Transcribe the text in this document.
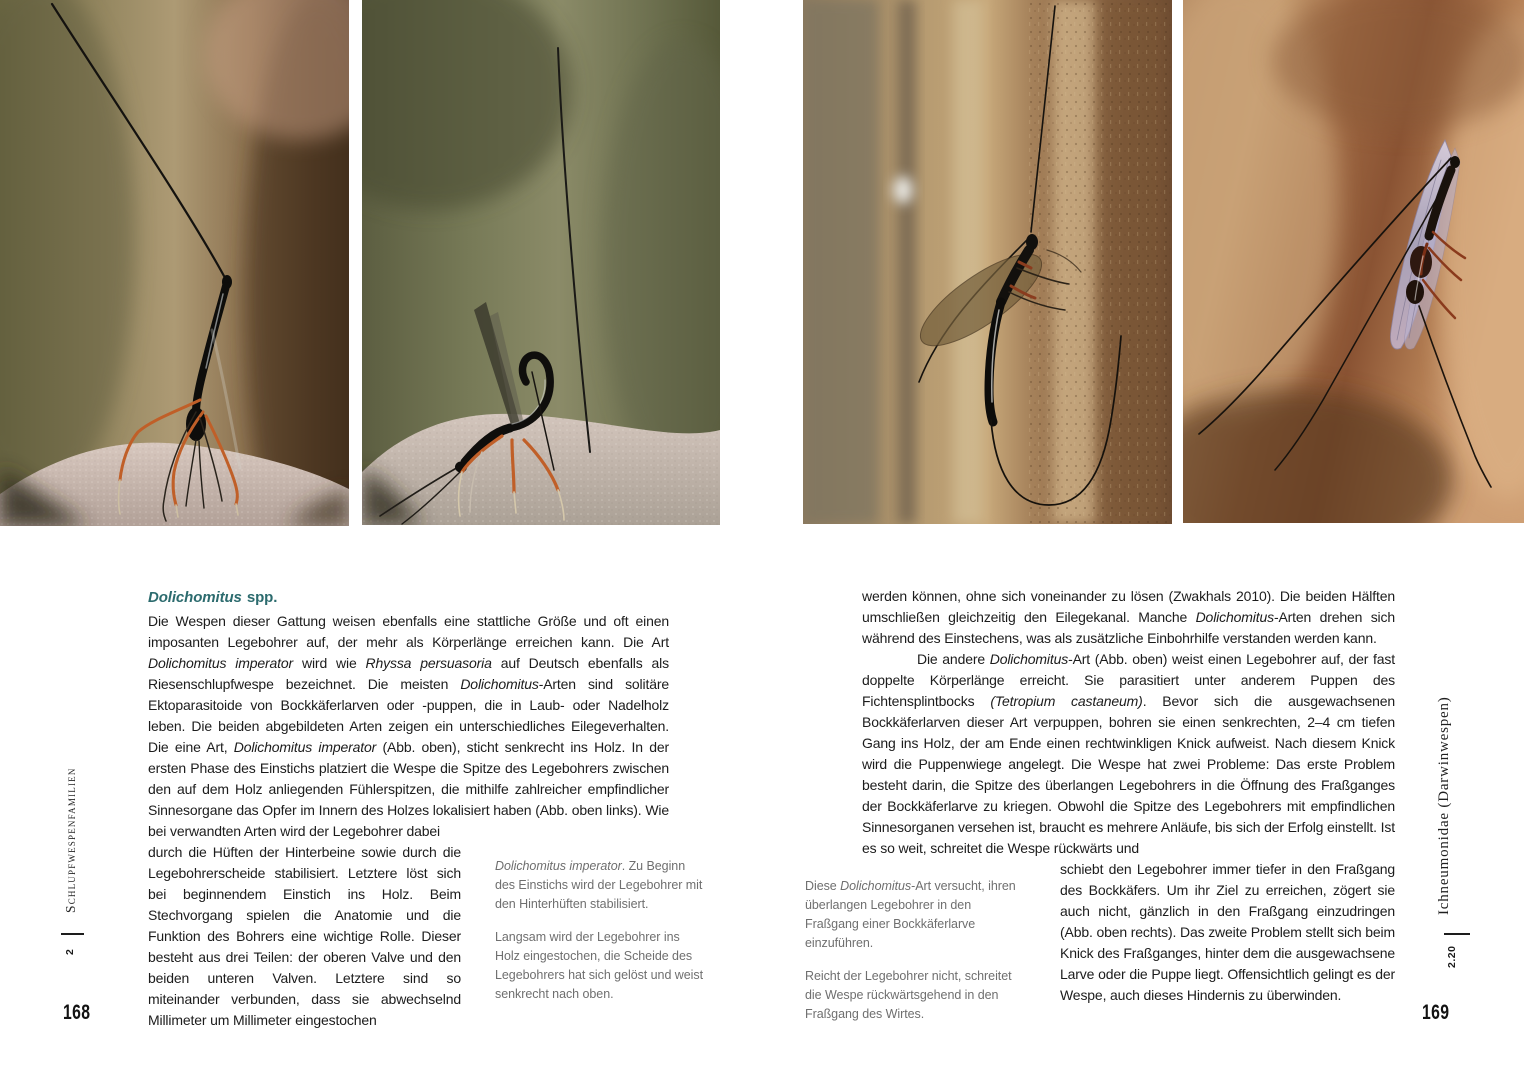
Dolichomitus spp.

Die Wespen dieser Gattung weisen ebenfalls eine stattliche Größe und oft einen imposanten Legebohrer auf, der mehr als Körperlänge erreichen kann. Die Art Dolichomitus imperator wird wie Rhyssa persuasoria auf Deutsch ebenfalls als Riesenschlupfwespe bezeichnet. Die meisten Dolichomitus-Arten sind solitäre Ektoparasitoide von Bockkäferlarven oder -puppen, die in Laub- oder Nadelholz leben. Die beiden abgebildeten Arten zeigen ein unterschiedliches Eilegeverhalten. Die eine Art, Dolichomitus imperator (Abb. oben), sticht senkrecht ins Holz. In der ersten Phase des Einstichs platziert die Wespe die Spitze des Legebohrers zwischen den auf dem Holz anliegenden Fühlerspitzen, die mithilfe zahlreicher empfindlicher Sinnesorgane das Opfer im Innern des Holzes lokalisiert haben (Abb. oben links). Wie bei verwandten Arten wird der Legebohrer dabei

durch die Hüften der Hinterbeine sowie durch die Legebohrerscheide stabilisiert. Letztere löst sich bei beginnendem Einstich ins Holz. Beim Stechvorgang spielen die Anatomie und die Funktion des Bohrers eine wichtige Rolle. Dieser besteht aus drei Teilen: der oberen Valve und den beiden unteren Valven. Letztere sind so miteinander verbunden, dass sie abwechselnd Millimeter um Millimeter eingestochen

Dolichomitus imperator. Zu Beginn des Einstichs wird der Legebohrer mit den Hinterhüften stabilisiert.

Langsam wird der Legebohrer ins Holz eingestochen, die Scheide des Legebohrers hat sich gelöst und weist senkrecht nach oben.

Schlupfwespenfamilien
2
168

werden können, ohne sich voneinander zu lösen (Zwakhals 2010). Die beiden Hälften umschließen gleichzeitig den Eilegekanal. Manche Dolichomitus-Arten drehen sich während des Einstechens, was als zusätzliche Einbohrhilfe verstanden werden kann.

Die andere Dolichomitus-Art (Abb. oben) weist einen Legebohrer auf, der fast doppelte Körperlänge erreicht. Sie parasitiert unter anderem Puppen des Fichtensplintbocks (Tetropium castaneum). Bevor sich die ausgewachsenen Bockkäferlarven dieser Art verpuppen, bohren sie einen senkrechten, 2–4 cm tiefen Gang ins Holz, der am Ende einen rechtwinkligen Knick aufweist. Nach diesem Knick wird die Puppenwiege angelegt. Die Wespe hat zwei Probleme: Das erste Problem besteht darin, die Spitze des überlangen Legebohrers in die Öffnung des Fraßganges der Bockkäferlarve zu kriegen. Obwohl die Spitze des Legebohrers mit empfindlichen Sinnesorganen versehen ist, braucht es mehrere Anläufe, bis sich der Erfolg einstellt. Ist es so weit, schreitet die Wespe rückwärts und

schiebt den Legebohrer immer tiefer in den Fraßgang des Bockkäfers. Um ihr Ziel zu erreichen, zögert sie auch nicht, gänzlich in den Fraßgang einzudringen (Abb. oben rechts). Das zweite Problem stellt sich beim Knick des Fraßganges, hinter dem die ausgewachsene Larve oder die Puppe liegt. Offensichtlich gelingt es der Wespe, auch dieses Hindernis zu überwinden.

Diese Dolichomitus-Art versucht, ihren überlangen Legebohrer in den Fraßgang einer Bockkäferlarve einzuführen.

Reicht der Legebohrer nicht, schreitet die Wespe rückwärtsgehend in den Fraßgang des Wirtes.

Ichneumonidae (Darwinwespen)
2.20
169
